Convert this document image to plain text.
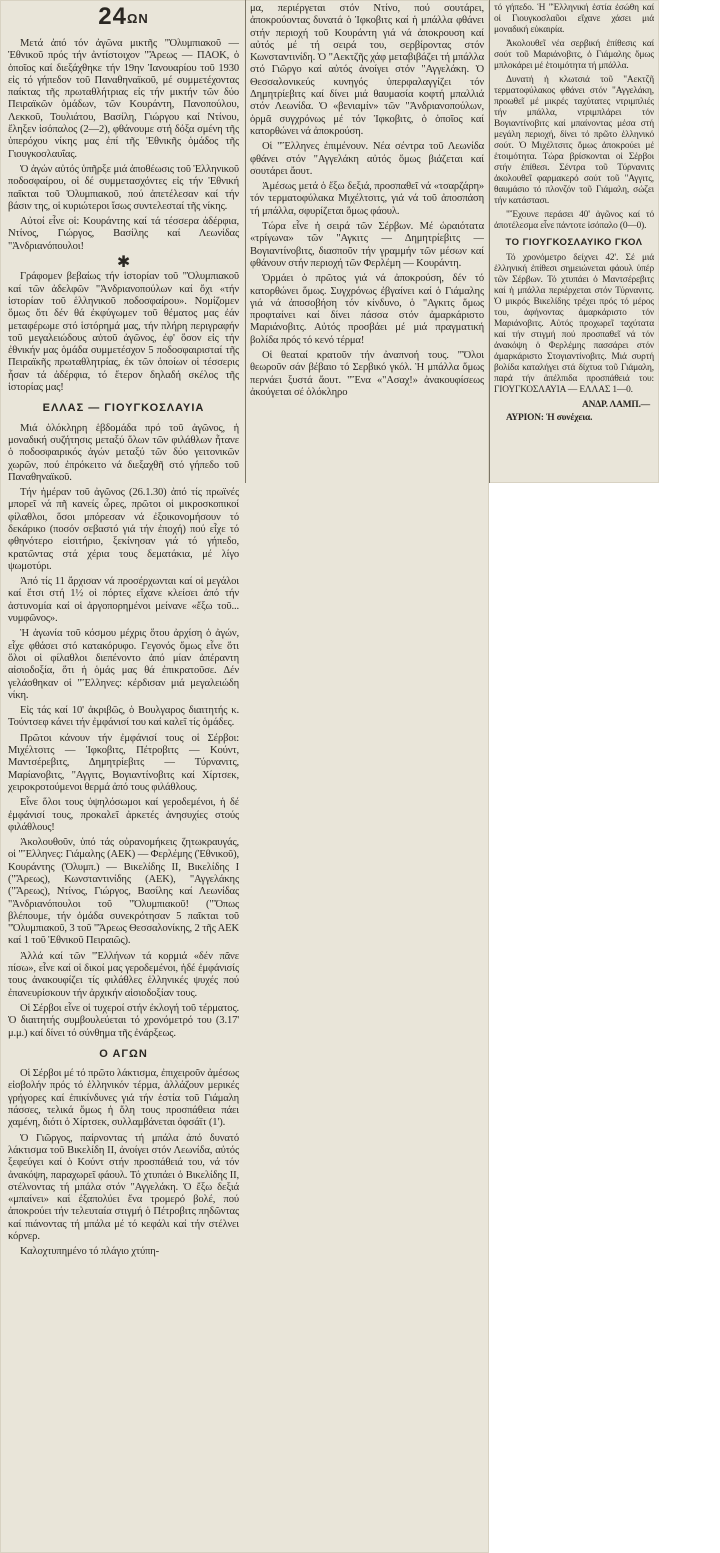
$24^{\Omega N}$

Μετά ἀπό τόν ἀγῶνα μικτῆς "Ὀλυμπιακοῦ — Ἐθνικοῦ πρός τήν ἀντίστοιχον "Ἄρεως — ΠΑΟΚ, ὁ ὁποῖος καί διεξάχθηκε τήν 19ην Ἰανουαρίου τοῦ 1930 εἰς τό γήπεδον τοῦ Παναθηναϊκοῦ, μέ συμμετέχοντας παίκτας τῆς πρωταθλήτριας εἰς τήν μικτήν τῶν δύο Πειραϊκῶν ὁμάδων, τῶν Κουράντη, Πανοπούλου, Λεκκοῦ, Τουλιάτου, Βασίλη, Γιώργου καί Ντίνου, ἔληξεν ἰσόπαλος (2—2), φθάνουμε στή δόξα σμένη τῆς ὑπερόχου νίκης μας ἐπί τῆς Ἐθνικῆς ὁμάδος τῆς Γιουγκοσλαυΐας.

Ὁ ἀγών αὐτός ὑπῆρξε μιά ἀποθέωσις τοῦ Ἑλληνικοῦ ποδοσφαίρου, οἱ δέ συμμετασχόντες εἰς τήν Ἐθνική παῖκται τοῦ Ὀλυμπιακοῦ, πού ἀπετέλεσαν καί τήν βάσιν της, οἱ κυριώτεροι ἴσως συντελεσταί τῆς νίκης.

Αὐτοί εἶνε οἱ: Κουράντης καί τά τέσσερα ἀδέρφια, Ντίνος, Γιώργος, Βασίλης καί Λεωνίδας "Ἀνδριανόπουλοι!

✱

Γράφομεν βεβαίως τήν ἱστορίαν τοῦ "Ὀλυμπιακοῦ καί τῶν ἀδελφῶν "Ἀνδριανοπούλων καί ὄχι «τήν ἱστορίαν τοῦ ἑλληνικοῦ ποδοσφαίρου». Νομίζομεν ὅμως ὅτι δέν θά ἐκφύγωμεν τοῦ θέματος μας ἐάν μεταφέρωμε στό ἱστόρημά μας, τήν πλήρη περιγραφήν τοῦ μεγαλειώδους αὐτοῦ ἀγῶνος, ἐφ' ὅσον εἰς τήν ἐθνικήν μας ὁμάδα συμμετέσχον 5 ποδοσφαιρισταί τῆς Πειραϊκῆς πρωταθλητρίας, ἐκ τῶν ὁποίων οἱ τέσσερις ἦσαν τά ἀδέρφια, τό ἕτερον δηλαδή σκέλος τῆς ἱστορίας μας!

ΕΛΛΑΣ — ΓΙΟΥΓΚΟΣΛΑΥΙΑ

Μιά ὁλόκληρη ἑβδομάδα πρό τοῦ ἀγῶνος, ἡ μοναδική συζήτησις μεταξύ ὅλων τῶν φιλάθλων ἦτανε ὁ ποδοσφαιρικός ἀγών μεταξύ τῶν δύο γειτονικῶν χωρῶν, πού ἐπρόκειτο νά διεξαχθῆ στό γήπεδο τοῦ Παναθηναϊκοῦ.

Τήν ἡμέραν τοῦ ἀγῶνος (26.1.30) ἀπό τίς πρωϊνές μπορεῖ νά πῆ κανείς ὧρες, πρῶτοι οἱ μικροσκοπικοί φίλαθλοι, ὅσοι μπόρεσαν νά ἐξοικονομήσουν τό δεκάρικο (ποσόν σεβαστό γιά τήν ἐποχή) πού εἶχε τό φθηνότερο εἰσιτήριο, ξεκίνησαν γιά τό γήπεδο, κρατῶντας στά χέρια τους δεματάκια, μέ λίγο ψωμοτύρι.

Ἀπό τίς 11 ἄρχισαν νά προσέρχωνται καί οἱ μεγάλοι καί ἔτσι στή 1½ οἱ πόρτες εἴχανε κλείσει ἀπό τήν ἀστυνομία καί οἱ ἀργοπορημένοι μείνανε «ἔξω τοῦ... νυμφῶνος».

Ἡ ἀγωνία τοῦ κόσμου μέχρις ὅτου ἀρχίση ὁ ἀγών, εἶχε φθάσει στό κατακόρυφο. Γεγονός ὅμως εἶνε ὅτι ὅλοι οἱ φίλαθλοι διεπένοντο ἀπό μίαν ἀπέραντη αἰσιοδοξία, ὅτι ἡ ὁμάς μας θά ἐπικρατοῦσε. Δέν γελάσθηκαν οἱ "Ἕλληνες: κέρδισαν μιά μεγαλειώδη νίκη.

Εἰς τάς καί 10' ἀκριβῶς, ὁ Βουλγαρος διαιτητής κ. Τούντσεφ κάνει τήν ἐμφάνισί του καί καλεῖ τίς ὁμάδες.

Πρῶτοι κάνουν τήν ἐμφάνισί τους οἱ Σέρβοι: Μιχέλτσιτς — Ἰφκοβιτς, Πέτροβιτς — Κούντ, Μαντσέρεβιτς, Δημητρίεβιτς — Τύρνανιτς, Μαρίανοβιτς, "Αγγιτς, Βογιαντίνοβιτς καί Χίρτσεκ, χειροκροτούμενοι θερμά ἀπό τους φιλάθλους.

Εἶνε ὅλοι τους ὑψηλόσωμοι καί γεροδεμένοι, ἡ δέ ἐμφάνισί τους, προκαλεῖ ἀρκετές ἀνησυχίες στούς φιλάθλους!

Ἀκολουθοῦν, ὑπό τάς οὐρανομήκεις ζητωκραυγάς, οἱ "Ἕλληνες: Γιάμαλης (ΑΕΚ) — Φερλέμης (Ἐθνικοῦ), Κουράντης (Ὀλυμπ.) — Βικελίδης ΙΙ, Βικελίδης Ι ("Ἄρεως), Κωνσταντινίδης (ΑΕΚ), "Αγγελάκης ("Ἄρεως), Ντίνος, Γιώργος, Βασίλης καί Λεωνίδας "Ἀνδριανόπουλοι τοῦ "Ὀλυμπιακοῦ! ("Ὅπως βλέπουμε, τήν ὁμάδα συνεκρότησαν 5 παῖκται τοῦ "Ὀλυμπιακοῦ, 3 τοῦ "Ἄρεως Θεσσαλονίκης, 2 τῆς ΑΕΚ καί 1 τοῦ Ἐθνικοῦ Πειραιῶς).

Ἀλλά καί τῶν "Ἑλλήνων τά κορμιά «δέν πᾶνε πίσω», εἶνε καί οἱ δικοί μας γεροδεμένοι, ἡδέ ἐμφάνισίς τους ἀνακουφίζει τίς φιλάθλες ἑλληνικές ψυχές πού ἐπανευρίσκουν τήν ἀρχικήν αἰσιοδοξίαν τους.

Οἱ Σέρβοι εἶνε οἱ τυχεροί στήν ἐκλογή τοῦ τέρματος. Ὁ διαιτητής συμβουλεύεται τό χρονόμετρό του (3.17' μ.μ.) καί δίνει τό σύνθημα τῆς ἐνάρξεως.

Ο ΑΓΩΝ

Οἱ Σέρβοι μέ τό πρῶτο λάκτισμα, ἐπιχειροῦν ἀμέσως εἰσβολήν πρός τό ἑλληνικόν τέρμα, ἀλλάζουν μερικές γρήγορες καί ἐπικίνδυνες γιά τήν ἑστία τοῦ Γιάμαλη πάσσες, τελικά ὅμως ἡ ὅλη τους προσπάθεια πάει χαμένη, διότι ὁ Χίρτσεκ, συλλαμβάνεται ὀφσάϊτ (1').

Ὁ Γιῶργος, παίρνοντας τή μπάλα ἀπό δυνατό λάκτισμα τοῦ Βικελίδη ΙΙ, ἀνοίγει στόν Λεωνίδα, αὐτός ξεφεύγει καί ὁ Κούντ στήν προσπάθειά του, νά τόν ἀνακόψη, παραχωρεῖ φάουλ. Τό χτυπάει ὁ Βικελίδης ΙΙ, στέλνοντας τή μπάλα στόν "Αγγελάκη. Ὁ ἔξω δεξιά «μπαίνει» καί ἐξαπολύει ἕνα τρομερό βολέ, πού ἀποκρούει τήν τελευταία στιγμή ὁ Πέτροβιτς πηδῶντας καί πιάνοντας τή μπάλα μέ τό κεφάλι καί τήν στέλνει κόρνερ.

Καλοχτυπημένο τό πλάγιο χτύπη-

μα, περιέργεται στόν Ντίνο, πού σουτάρει, ἀποκρούοντας δυνατά ὁ Ἰφκοβιτς καί ἡ μπάλλα φθάνει στήν περιοχή τοῦ Κουράντη γιά νά ἀποκρουση καί αὐτός μέ τή σειρά του, σερβίροντας στόν Κωνσταντινίδη. Ὁ "Αεκτζῆς χάφ μεταβιβάζει τή μπάλλα στό Γιῶργο καί αὐτός ἀνοίγει στόν "Αγγελάκη. Ὁ Θεσσαλονικεύς κυνηγός ὑπερφαλαγγίζει τόν Δημητρίεβιτς καί δίνει μιά θαυμασία κοφτή μπαλλιά στόν Λεωνίδα. Ὁ «βενιαμίν» τῶν "Ἀνδριανοπούλων, ὁρμᾶ συγχρόνως μέ τόν Ἰφκοβιτς, ὁ ὁποῖος καί κατορθώνει νά ἀποκρούση.

Οἱ "Ἕλληνες ἐπιμένουν. Νέα σέντρα τοῦ Λεωνίδα φθάνει στόν "Αγγελάκη αὐτός ὅμως βιάζεται καί σουτάρει ἄουτ.

Ἀμέσως μετά ὁ ἔξω δεξιά, προσπαθεῖ νά «τσαρζάρη» τόν τερματοφύλακα Μιχέλτσιτς, γιά νά τοῦ ἀποσπάση τή μπάλλα, σφυρίζεται ὅμως φάουλ.

Τώρα εἶνε ἡ σειρά τῶν Σέρβων. Μέ ὡραιότατα «τρίγωνα» τῶν "Αγκιτς — Δημητρίεβιτς — Βογιαντίνοβιτς, διασποῦν τήν γραμμήν τῶν μέσων καί φθάνουν στήν περιοχή τῶν Φερλέμη — Κουράντη.

Ὁρμάει ὁ πρῶτος γιά νά ἀποκρούση, δέν τό κατορθώνει ὅμως. Συγχρόνως ἐβγαίνει καί ὁ Γιάμαλης γιά νά ἀποσοβήση τόν κίνδυνο, ὁ "Αγκιτς ὅμως προφταίνει καί δίνει πάσσα στόν ἀμαρκάριστο Μαριάνοβιτς. Αὐτός προσβάει μέ μιά πραγματική βολίδα πρός τό κενό τέρμα!

Οἱ θεαταί κρατοῦν τήν ἀναπνοή τους. "Ὅλοι θεωροῦν σάν βέβαιο τό Σερβικό γκόλ. Ἡ μπάλλα ὅμως περνάει ξυστά ἄουτ. "Ἕνα «"Ασαχ!» ἀνακουφίσεως ἀκούγεται σέ ὁλόκληρο

τό γήπεδο. Ἡ "Ἑλληνική ἑστία ἐσώθη καί οἱ Γιουγκοσλαῦοι εἴχανε χάσει μιά μοναδική εὐκαιρία.

Ἀκολουθεῖ νέα σερβική ἐπίθεσις καί σούτ τοῦ Μαριάνοβιτς, ὁ Γιάμαλης ὅμως μπλοκάρει μέ ἑτοιμότητα τή μπάλλα.

Δυνατή ἡ κλωτσιά τοῦ "Αεκτζῆ τερματοφύλακος φθάνει στόν "Αγγελάκη, προωθεῖ μέ μικρές ταχύτατες ντριμπλιές τήν μπάλλα, ντριμπλάρει τόν Βογιαντίνοβιτς καί μπαίνοντας μέσα στή μεγάλη περιοχή, δίνει τό πρῶτο ἑλληνικό σούτ. Ὁ Μιχέλτσιτς ὅμως ἀποκρούει μέ ἑτοιμότητα. Τώρα βρίσκονται οἱ Σέρβοι στήν ἐπίθεσι. Σέντρα τοῦ Τύρνανιτς ἀκολουθεῖ φαρμακερό σούτ τοῦ "Αγγιτς, θαυμάσιο τό πλονζόν τοῦ Γιάμαλη, σώζει τήν κατάστασι.

"Ἔχουνε περάσει 40' ἀγῶνος καί τό ἀποτέλεσμα εἶνε πάντοτε ἰσόπαλο (0—0).

ΤΟ ΓΙΟΥΓΚΟΣΛΑΥΙΚΟ ΓΚΟΛ

Τό χρονόμετρο δείχνει 42'. Σέ μιά ἑλληνική ἐπίθεσι σημειώνεται φάουλ ὑπέρ τῶν Σέρβων. Τό χτυπάει ὁ Μαντσέρεβιτς καί ἡ μπάλλα περιέρχεται στόν Τύρνανιτς. Ὁ μικρός Βικελίδης τρέχει πρός τό μέρος του, ἀφήνοντας ἀμαρκάριστο τόν Μαριάνοβιτς. Αὐτός προχωρεῖ ταχύτατα καί τήν στιγμή πού προσπαθεῖ νά τόν ἀνακόψη ὁ Φερλέμης πασσάρει στόν ἀμαρκάριστο Στογιαντίνοβιτς. Μιά συρτή βολίδα καταλήγει στά δίχτυα τοῦ Γιάμαλη, παρά τήν ἀπέλπιδα προσπάθειά του: ΓΙΟΥΓΚΟΣΛΑΥΙΑ — ΕΛΛΑΣ 1—0.

ΑΝΔΡ. ΛΑΜΠ.—

ΑΥΡΙΟΝ: Ἡ συνέχεια.
